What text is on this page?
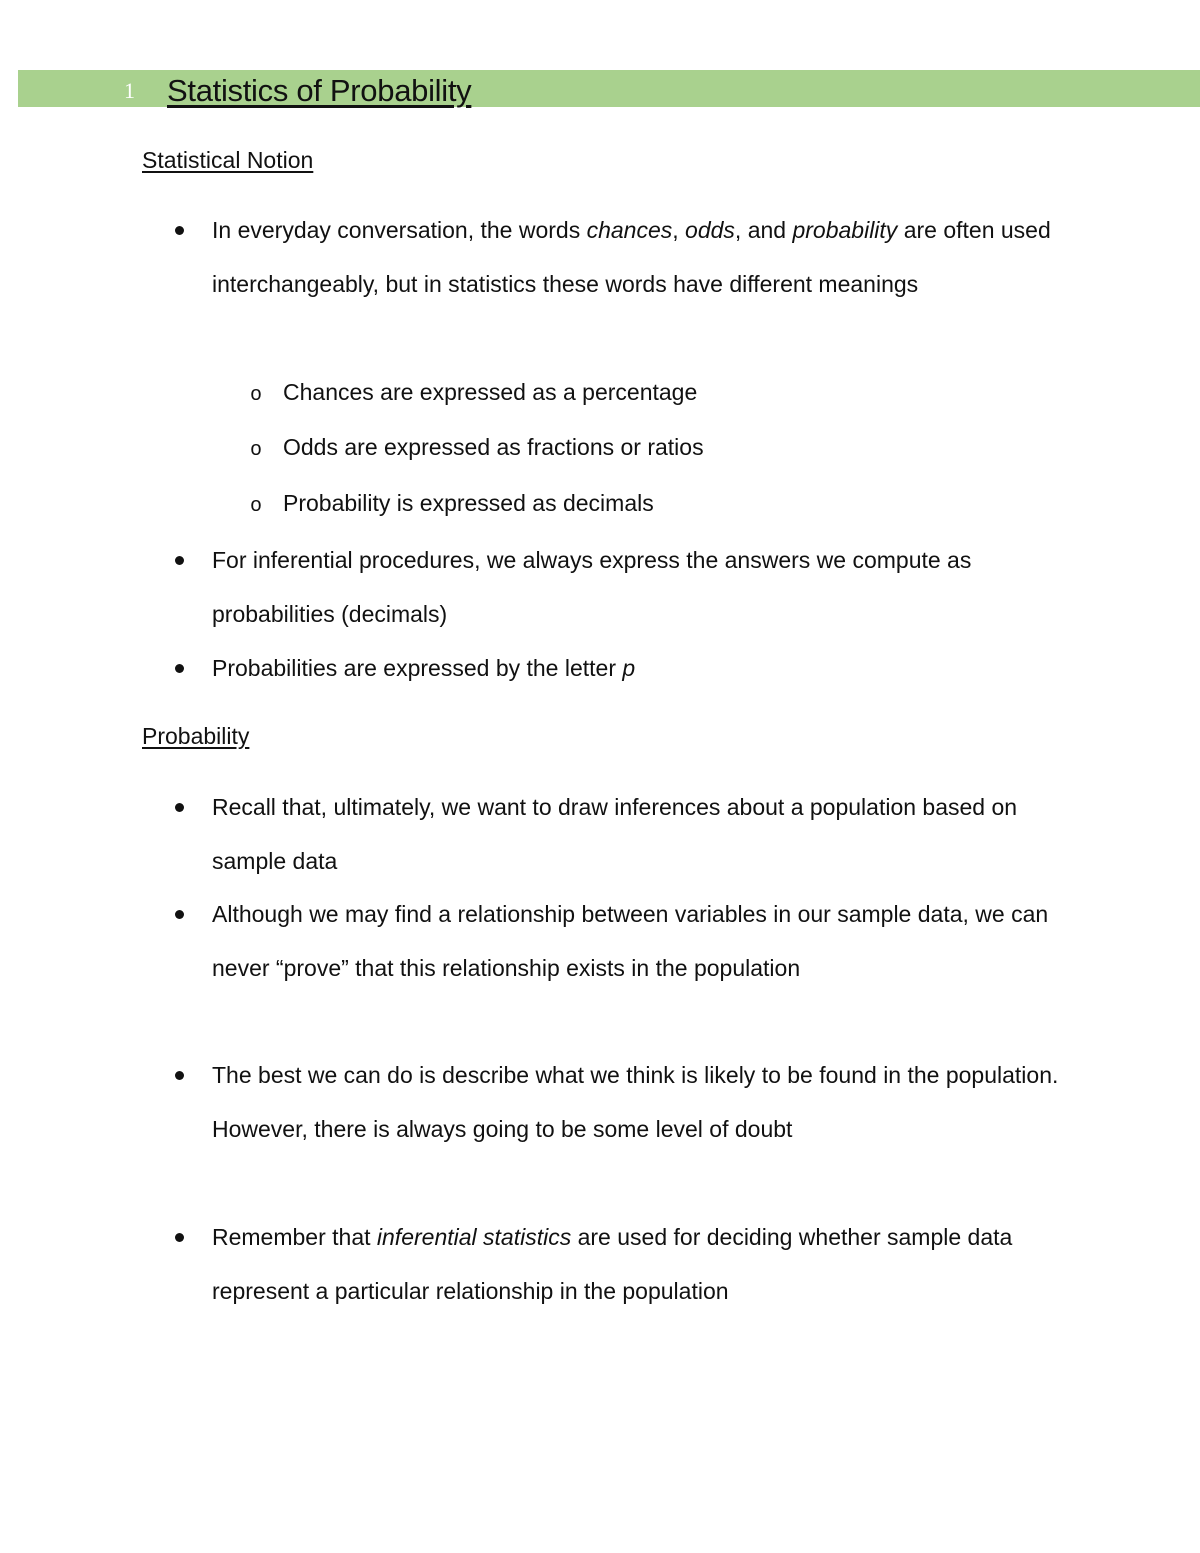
1 Statistics of Probability
Statistical Notion
In everyday conversation, the words chances, odds, and probability are often used interchangeably, but in statistics these words have different meanings
o Chances are expressed as a percentage
o Odds are expressed as fractions or ratios
o Probability is expressed as decimals
For inferential procedures, we always express the answers we compute as probabilities (decimals)
Probabilities are expressed by the letter p
Probability
Recall that, ultimately, we want to draw inferences about a population based on sample data
Although we may find a relationship between variables in our sample data, we can never “prove” that this relationship exists in the population
The best we can do is describe what we think is likely to be found in the population. However, there is always going to be some level of doubt
Remember that inferential statistics are used for deciding whether sample data represent a particular relationship in the population
